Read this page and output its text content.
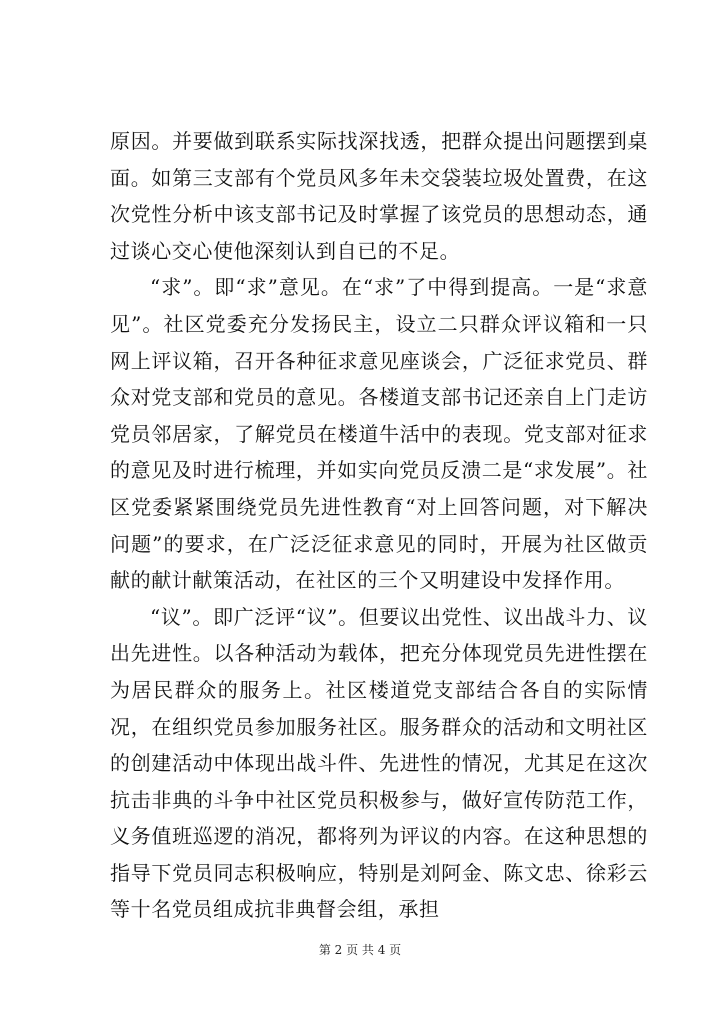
原因。并要做到联系实际找深找透，把群众提出问题摆到桌面。如第三支部有个党员风多年未交袋装垃圾处置费，在这次党性分析中该支部书记及时掌握了该党员的思想动态，通过谈心交心使他深刻认到自已的不足。

“求”。即“求”意见。在“求”了中得到提高。一是“求意见”。社区党委充分发扬民主，设立二只群众评议箱和一只网上评议箱，召开各种征求意见座谈会，广泛征求党员、群众对党支部和党员的意见。各楼道支部书记还亲自上门走访党员邻居家，了解党员在楼道牛活中的表现。党支部对征求的意见及时进行梳理，并如实向党员反溃二是“求发展”。社区党委紧紧围绕党员先进性教育“对上回答问题，对下解决问题”的要求，在广泛泛征求意见的同时，开展为社区做贡献的献计献策活动，在社区的三个又明建设中发择作用。

“议”。即广泛评“议”。但要议出党性、议出战斗力、议出先进性。以各种活动为载体，把充分体现党员先进性摆在为居民群众的服务上。社区楼道党支部结合各自的实际情况，在组织党员参加服务社区。服务群众的活动和文明社区的创建活动中体现出战斗件、先进性的情况，尤其足在这次抗击非典的斗争中社区党员积极参与，做好宣传防范工作，义务值班巡逻的消况，都将列为评议的内容。在这种思想的指导下党员同志积极响应，特别是刘阿金、陈文忠、徐彩云等十名党员组成抗非典督会组，承担

第 2 页 共 4 页
